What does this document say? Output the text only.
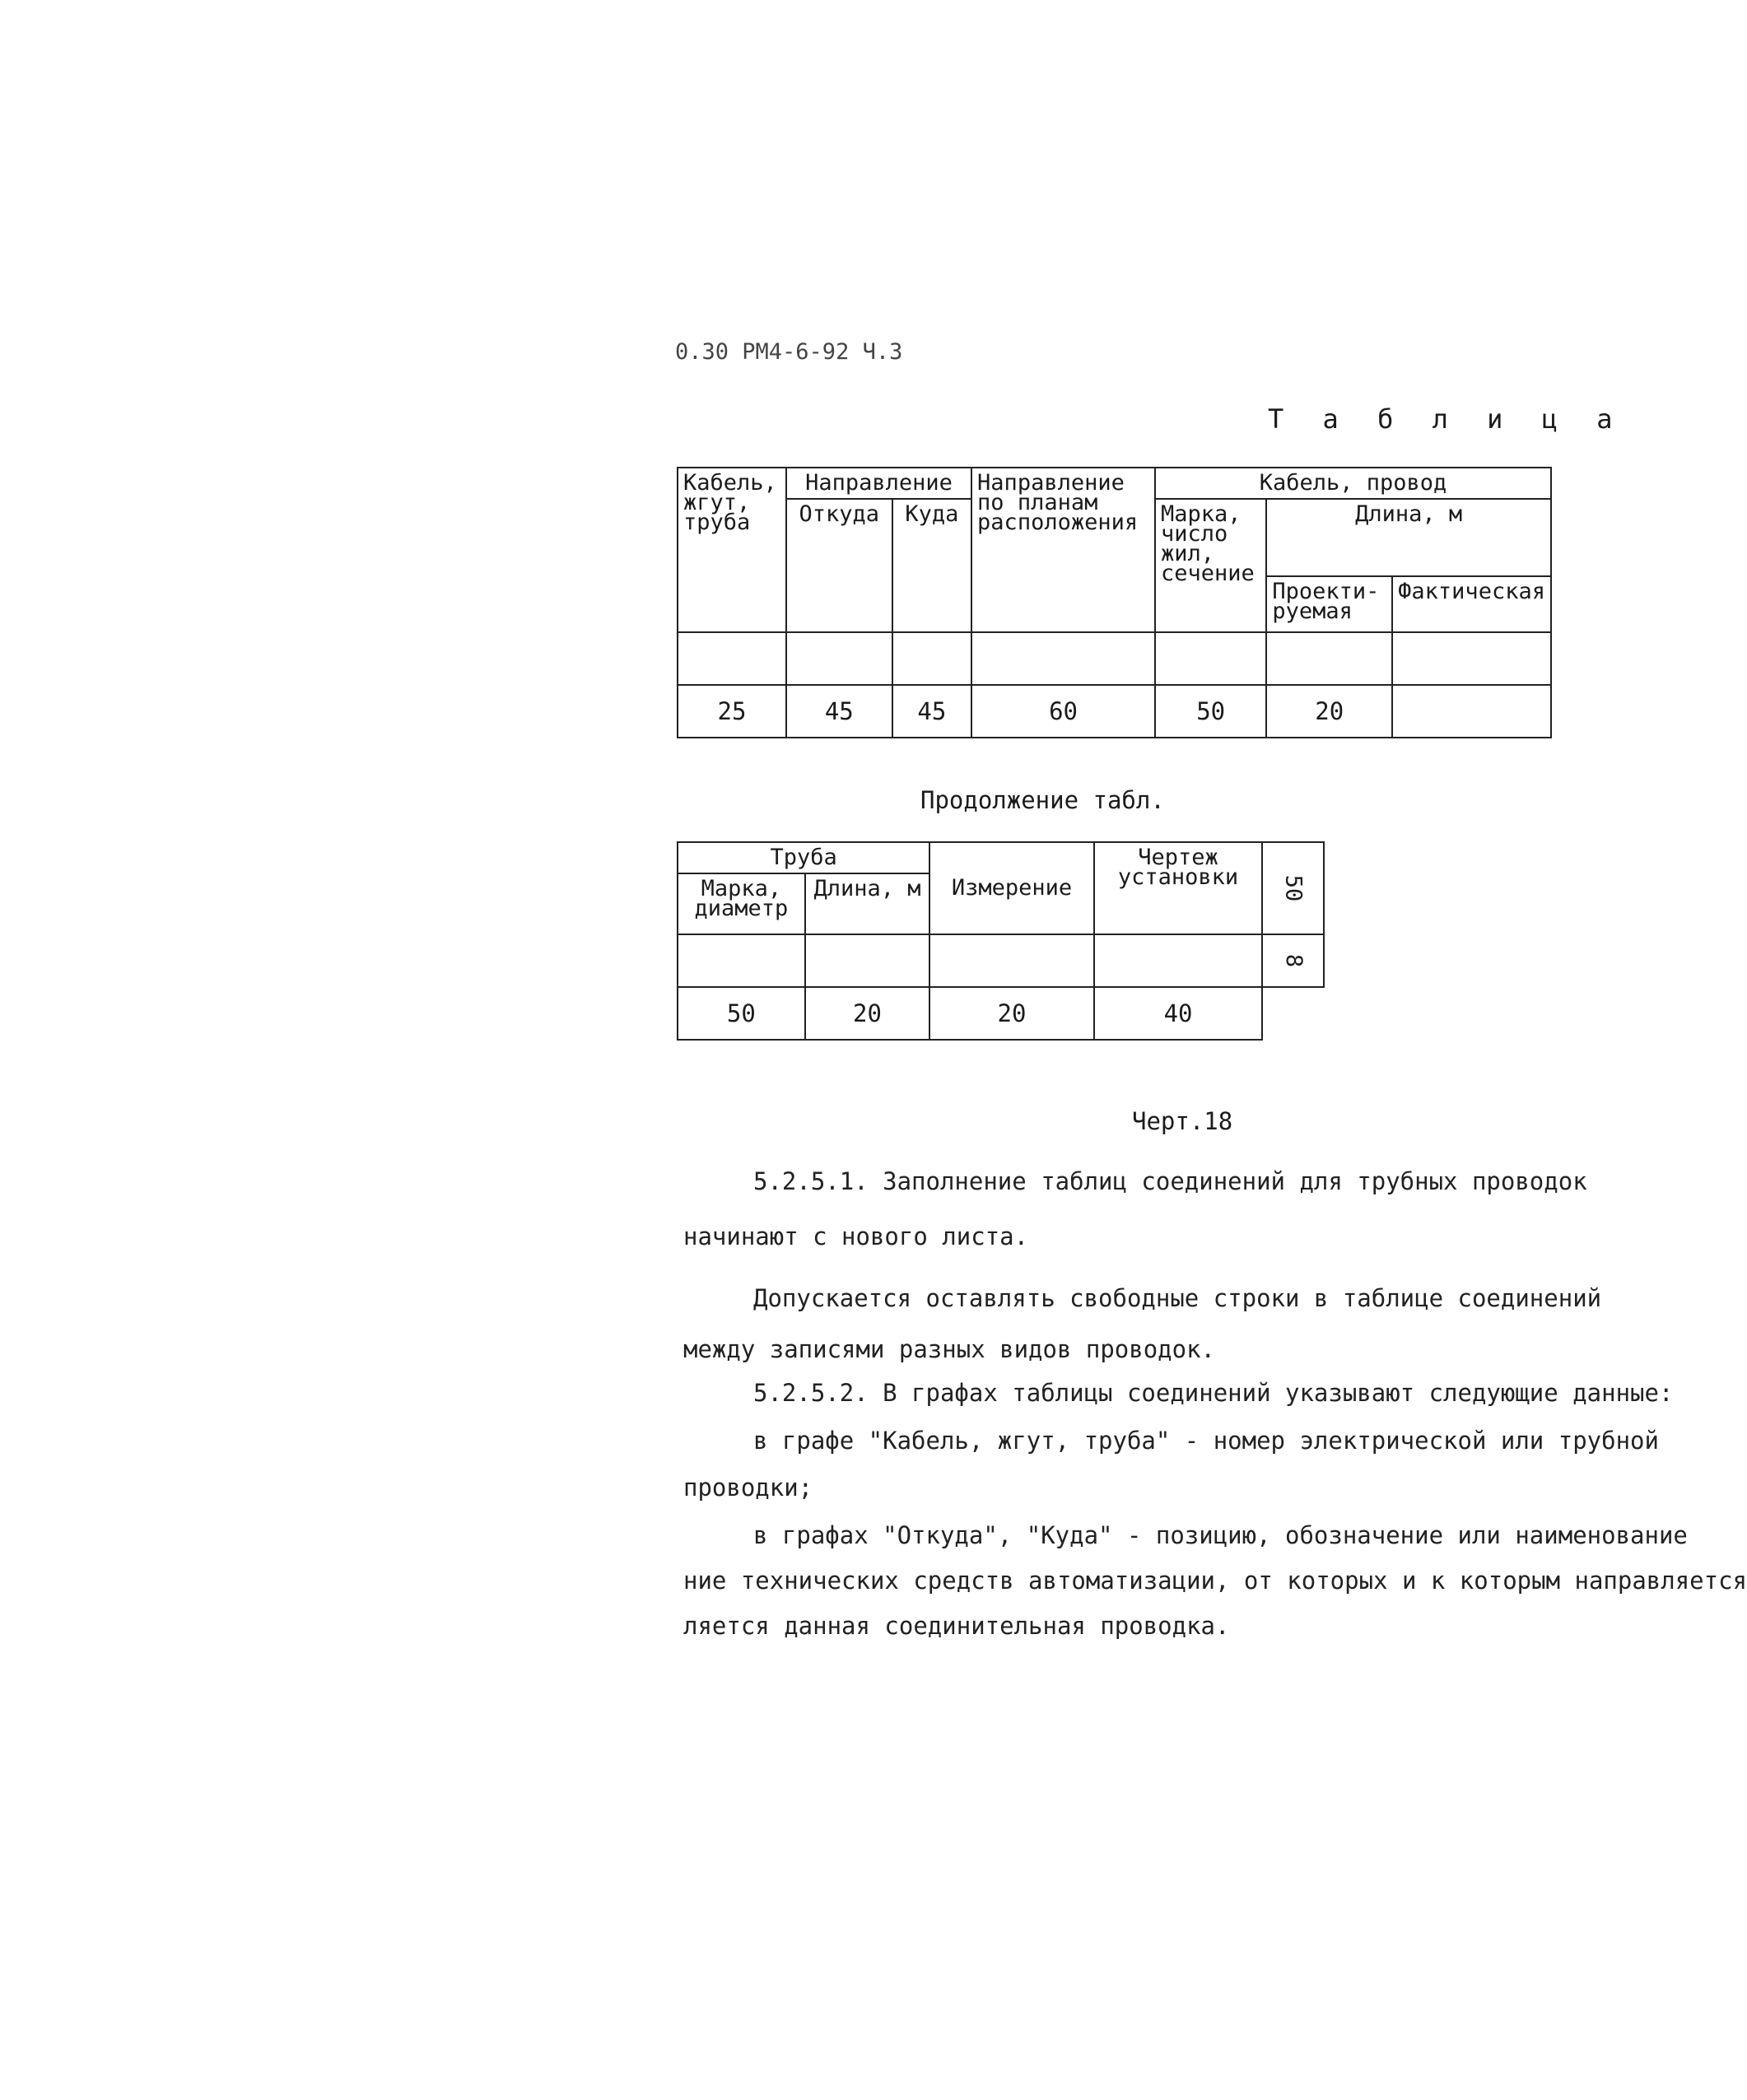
0.30 РМ4-6-92 Ч.3
Т а б л и ц а
Кабель, жгут, труба	Направление		Направление по планам расположения	Кабель, провод		
	Откуда	Куда		Марка, число жил, сечение	Длина, м	
					Проекти-руемая	Фактическая

25	45	45	60	50	20	
Продолжение табл.
Труба		Измерение	Чертеж установки	50
Марка, диаметр	Длина, м			
				8
50	20	20	40	
Черт.18
5.2.5.1. Заполнение таблиц соединений для трубных проводок
начинают с нового листа.
Допускается оставлять свободные строки в таблице соединений
между записями разных видов проводок.
5.2.5.2. В графах таблицы соединений указывают следующие данные:
в графе "Кабель, жгут, труба" - номер электрической или трубной
проводки;
в графах "Откуда", "Куда" - позицию, обозначение или наименование
ние технических средств автоматизации, от которых и к которым направляется
ляется данная соединительная проводка.
